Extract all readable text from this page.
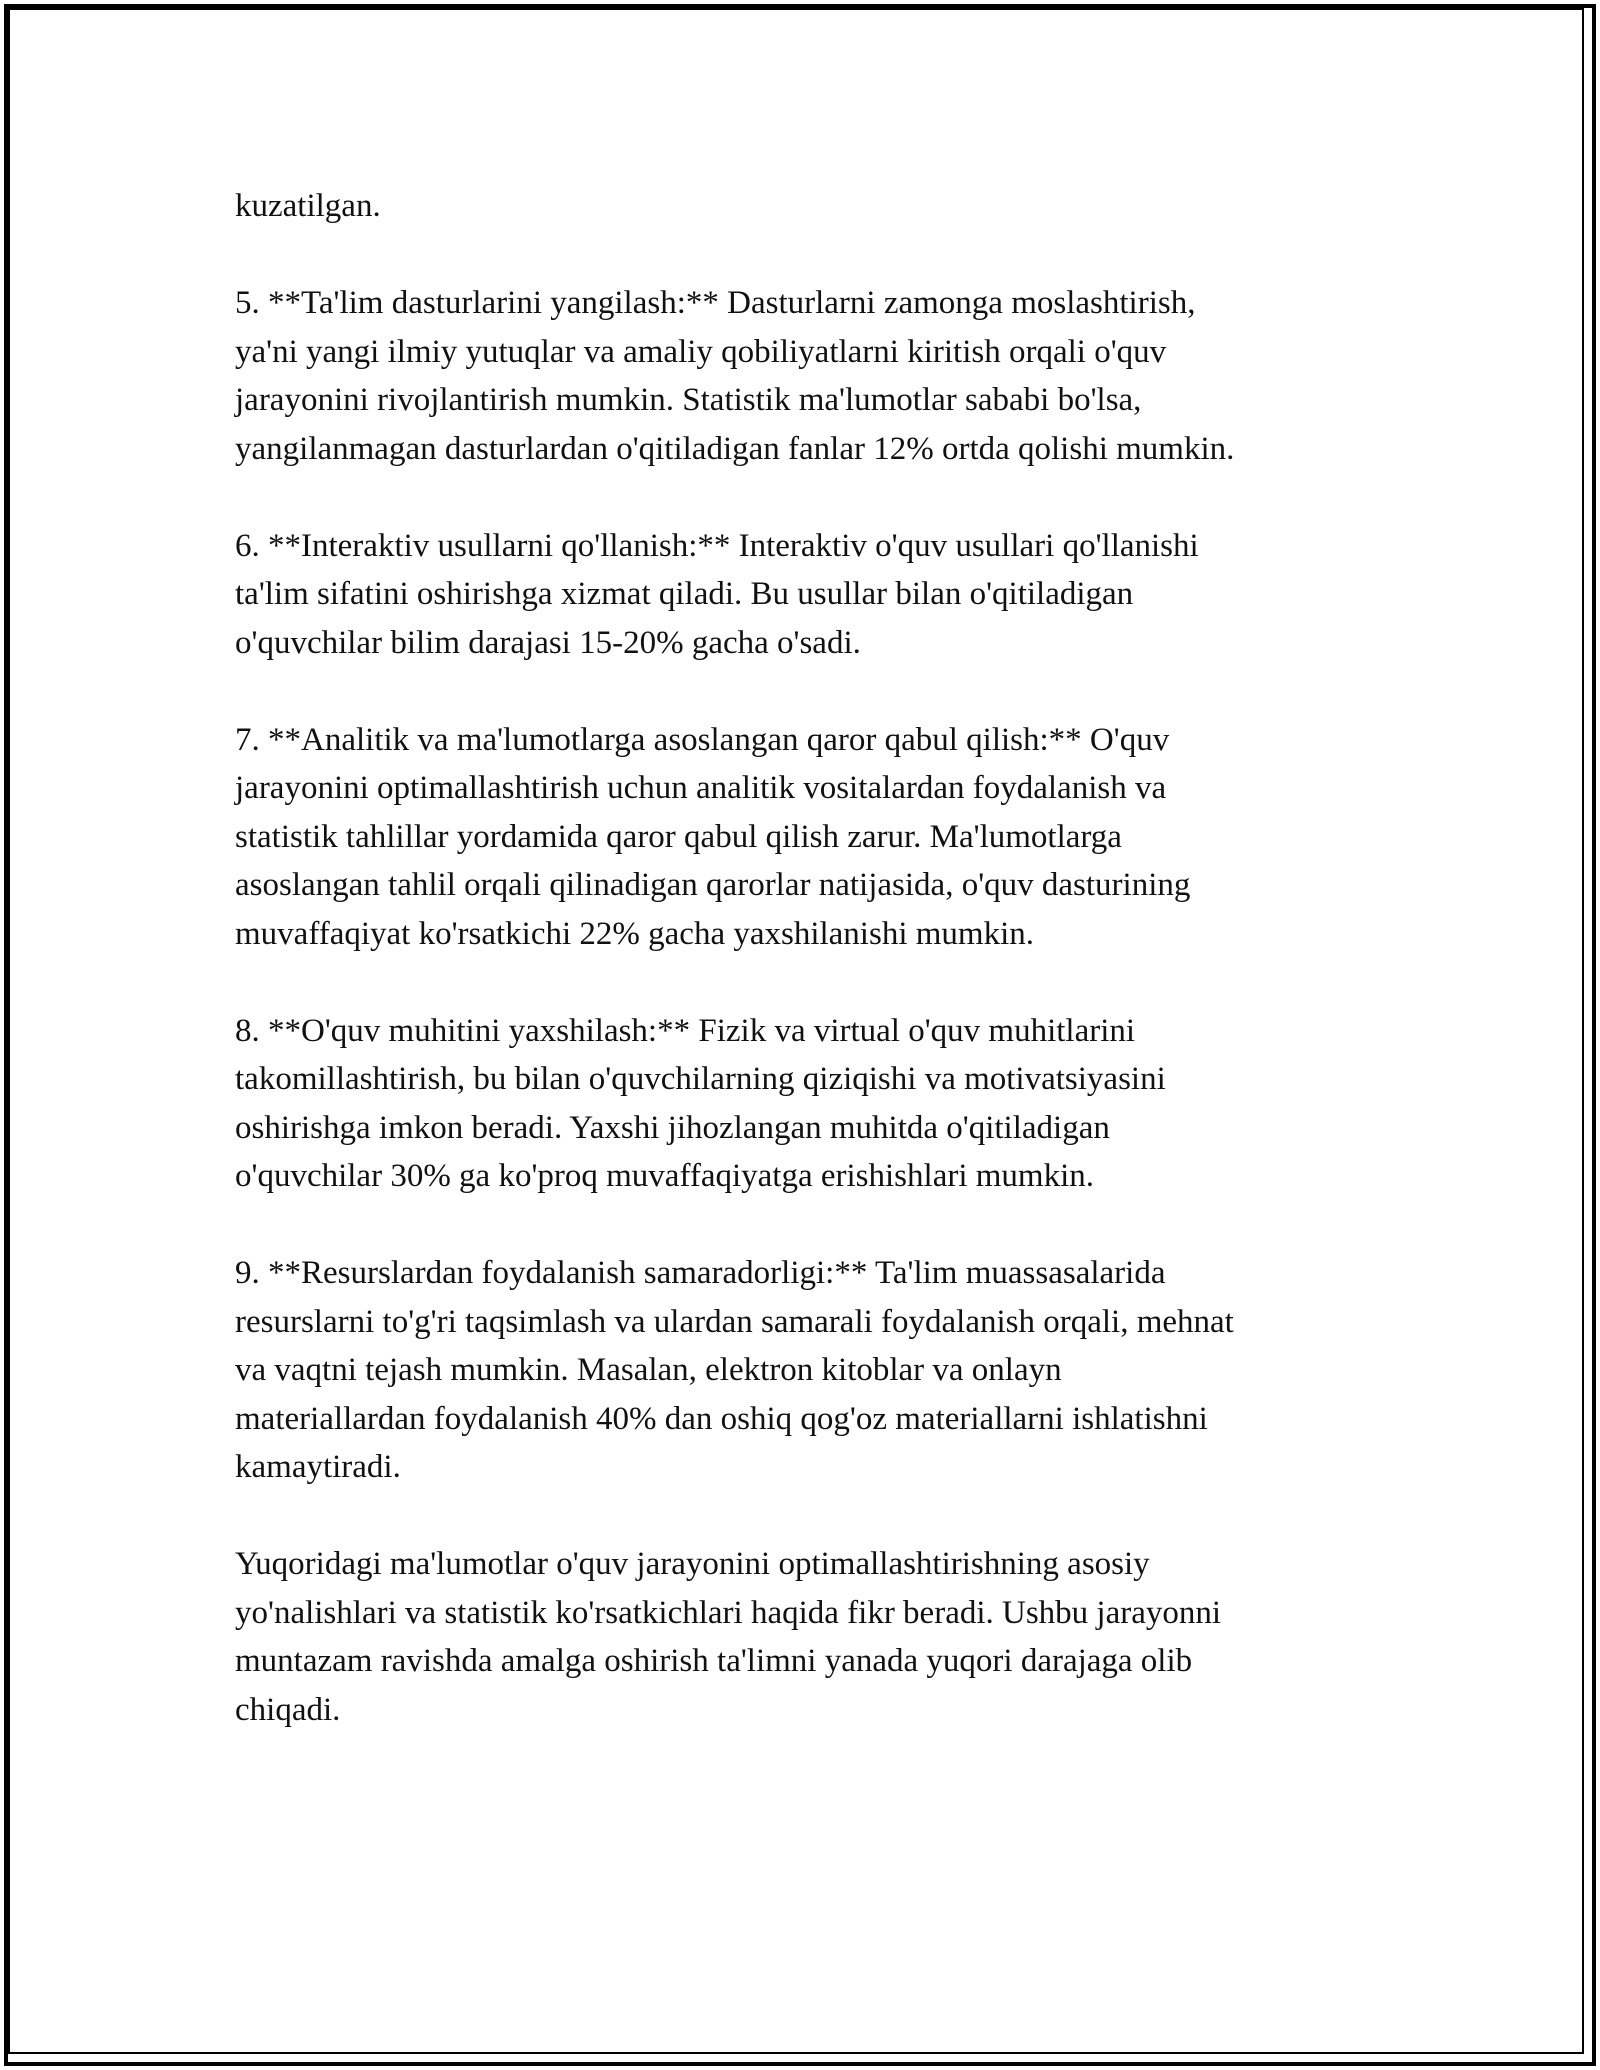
kuzatilgan.

5. **Ta'lim dasturlarini yangilash:** Dasturlarni zamonga moslashtirish,
ya'ni yangi ilmiy yutuqlar va amaliy qobiliyatlarni kiritish orqali o'quv
jarayonini rivojlantirish mumkin. Statistik ma'lumotlar sababi bo'lsa,
yangilanmagan dasturlardan o'qitiladigan fanlar 12% ortda qolishi mumkin.

6. **Interaktiv usullarni qo'llanish:** Interaktiv o'quv usullari qo'llanishi
ta'lim sifatini oshirishga xizmat qiladi. Bu usullar bilan o'qitiladigan
o'quvchilar bilim darajasi 15-20% gacha o'sadi.

7. **Analitik va ma'lumotlarga asoslangan qaror qabul qilish:** O'quv
jarayonini optimallashtirish uchun analitik vositalardan foydalanish va
statistik tahlillar yordamida qaror qabul qilish zarur. Ma'lumotlarga
asoslangan tahlil orqali qilinadigan qarorlar natijasida, o'quv dasturining
muvaffaqiyat ko'rsatkichi 22% gacha yaxshilanishi mumkin.

8. **O'quv muhitini yaxshilash:** Fizik va virtual o'quv muhitlarini
takomillashtirish, bu bilan o'quvchilarning qiziqishi va motivatsiyasini
oshirishga imkon beradi. Yaxshi jihozlangan muhitda o'qitiladigan
o'quvchilar 30% ga ko'proq muvaffaqiyatga erishishlari mumkin.

9. **Resurslardan foydalanish samaradorligi:** Ta'lim muassasalarida
resurslarni to'g'ri taqsimlash va ulardan samarali foydalanish orqali, mehnat
va vaqtni tejash mumkin. Masalan, elektron kitoblar va onlayn
materiallardan foydalanish 40% dan oshiq qog'oz materiallarni ishlatishni
kamaytiradi.

Yuqoridagi ma'lumotlar o'quv jarayonini optimallashtirishning asosiy
yo'nalishlari va statistik ko'rsatkichlari haqida fikr beradi. Ushbu jarayonni
muntazam ravishda amalga oshirish ta'limni yanada yuqori darajaga olib
chiqadi.
